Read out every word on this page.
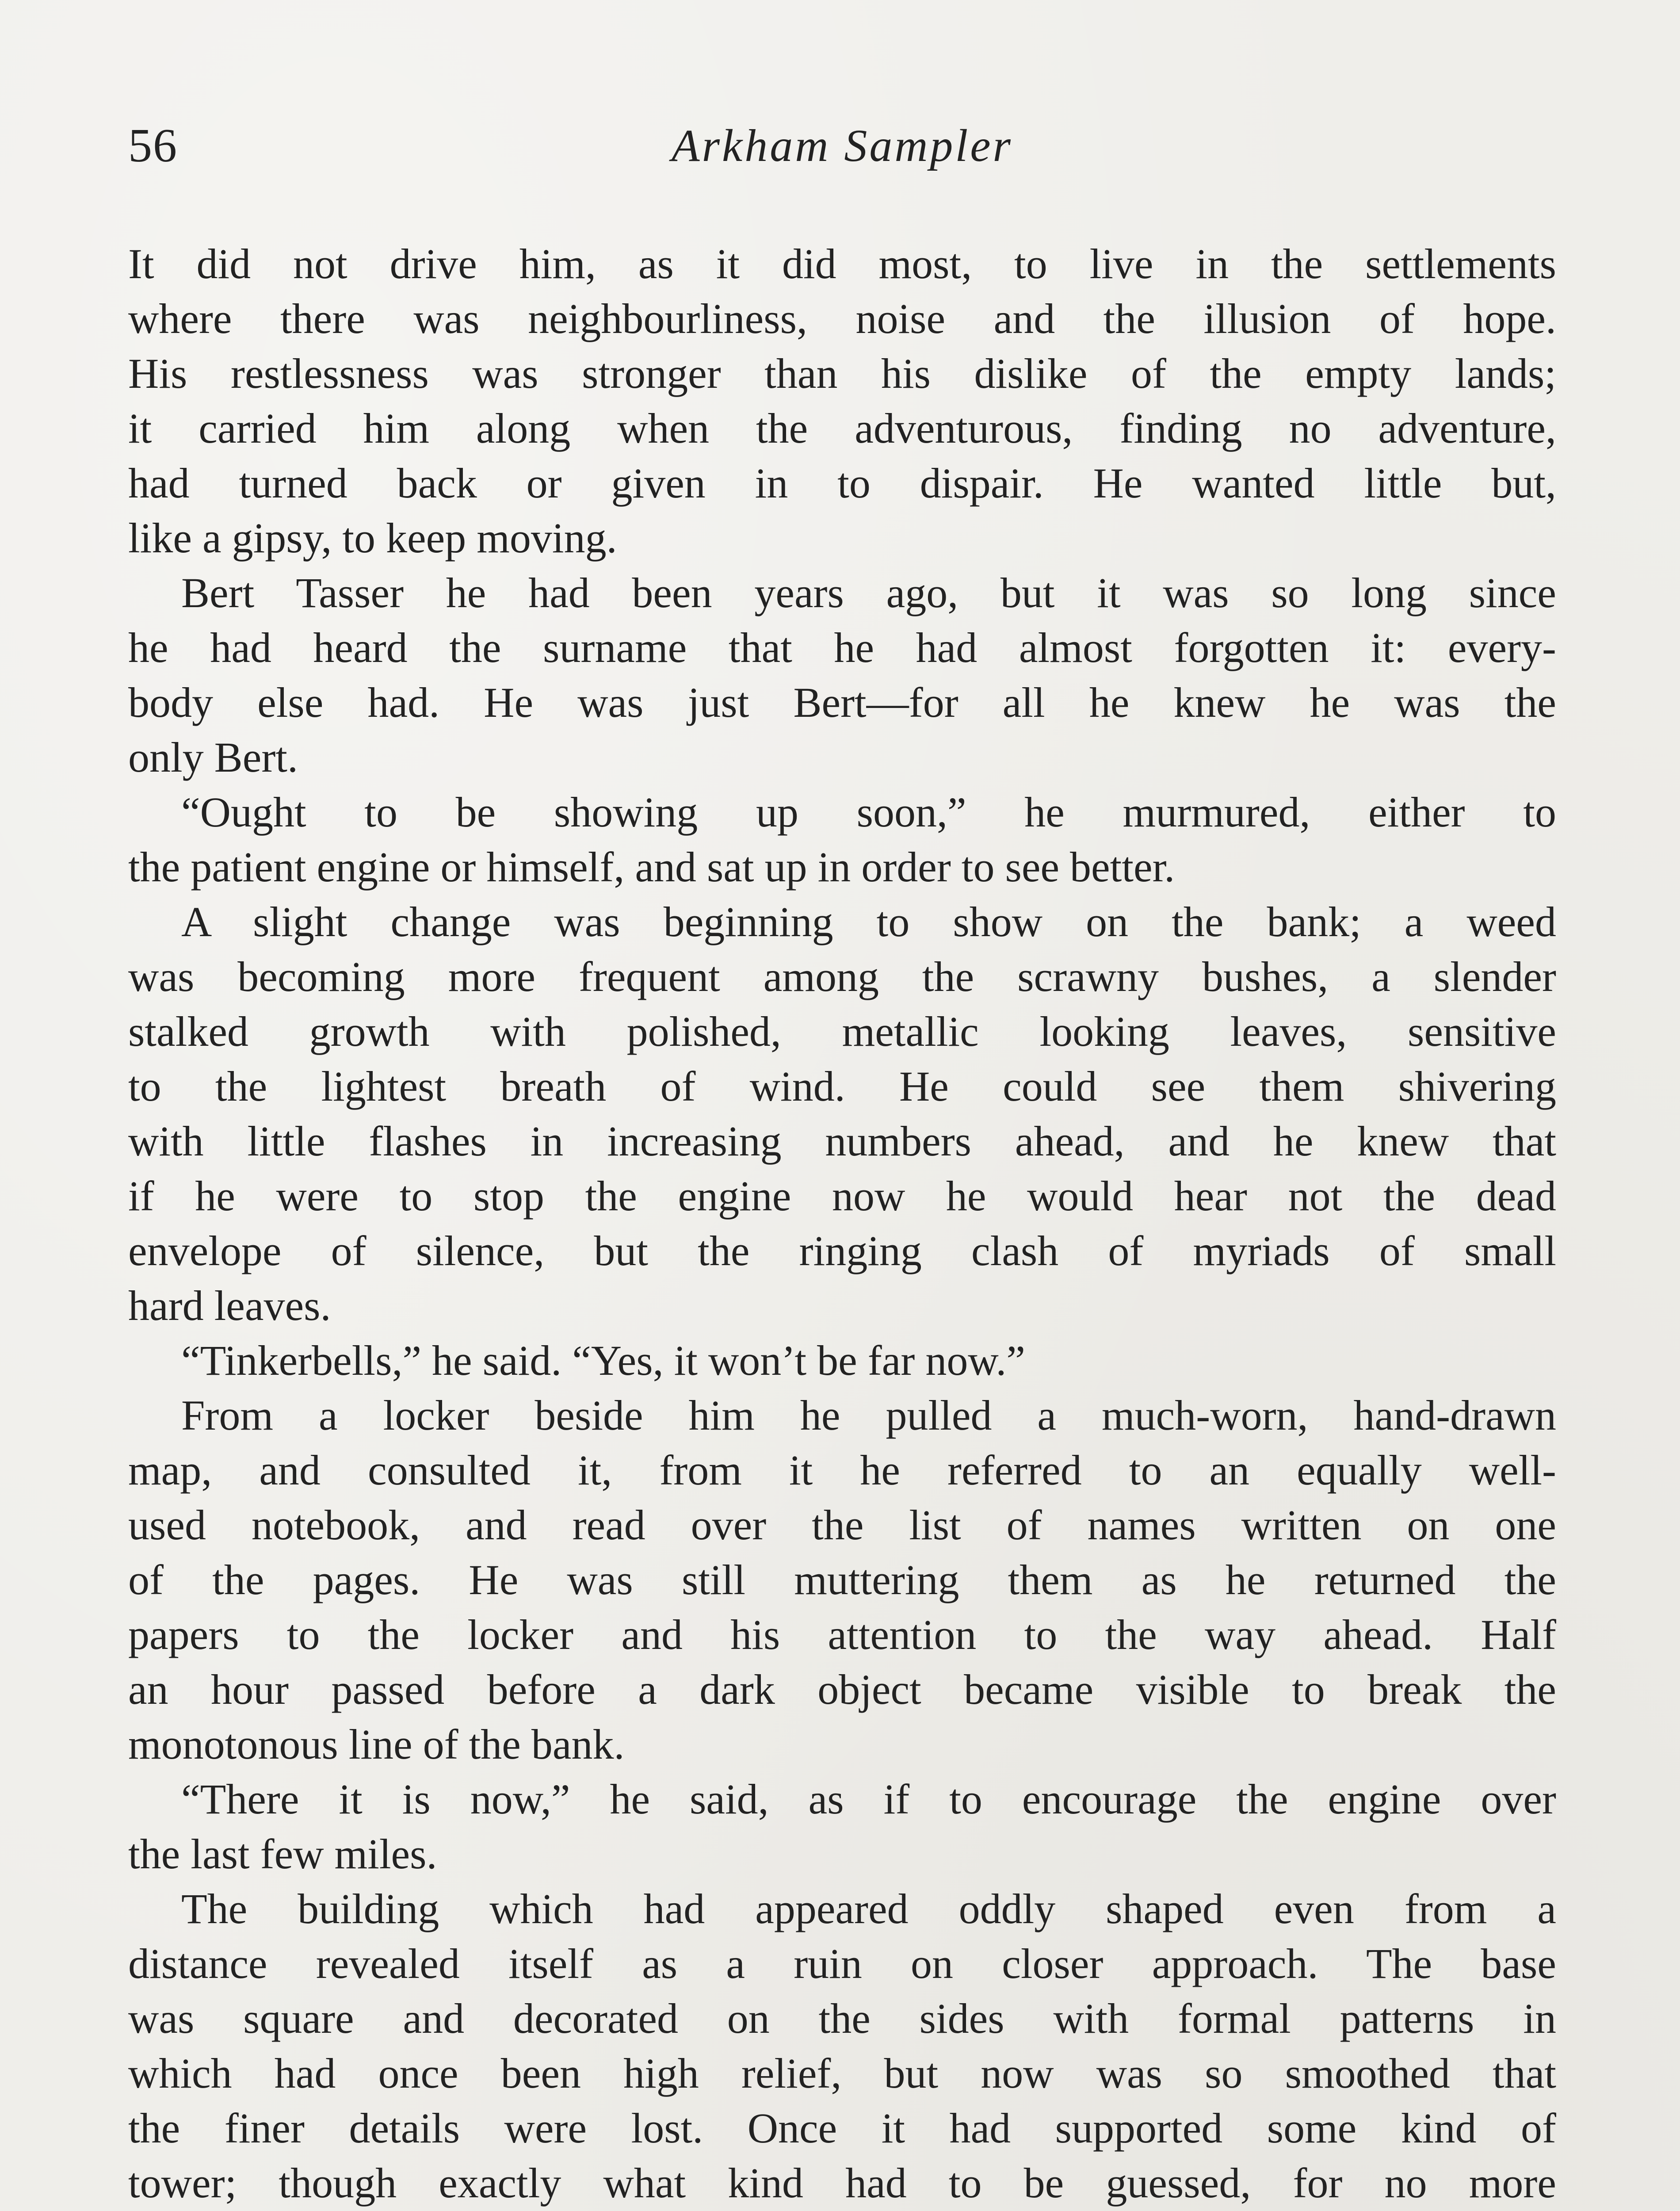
56	Arkham Sampler
It did not drive him, as it did most, to live in the settlements
where there was neighbourliness, noise and the illusion of hope.
His restlessness was stronger than his dislike of the empty lands;
it carried him along when the adventurous, finding no adventure,
had turned back or given in to dispair. He wanted little but,
like a gipsy, to keep moving.
Bert Tasser he had been years ago, but it was so long since
he had heard the surname that he had almost forgotten it: every-
body else had. He was just Bert—for all he knew he was the
only Bert.
“Ought to be showing up soon,” he murmured, either to
the patient engine or himself, and sat up in order to see better.
A slight change was beginning to show on the bank; a weed
was becoming more frequent among the scrawny bushes, a slender
stalked growth with polished, metallic looking leaves, sensitive
to the lightest breath of wind. He could see them shivering
with little flashes in increasing numbers ahead, and he knew that
if he were to stop the engine now he would hear not the dead
envelope of silence, but the ringing clash of myriads of small
hard leaves.
“Tinkerbells,” he said. “Yes, it won’t be far now.”
From a locker beside him he pulled a much-worn, hand-drawn
map, and consulted it, from it he referred to an equally well-
used notebook, and read over the list of names written on one
of the pages. He was still muttering them as he returned the
papers to the locker and his attention to the way ahead. Half
an hour passed before a dark object became visible to break the
monotonous line of the bank.
“There it is now,” he said, as if to encourage the engine over
the last few miles.
The building which had appeared oddly shaped even from a
distance revealed itself as a ruin on closer approach. The base
was square and decorated on the sides with formal patterns in
which had once been high relief, but now was so smoothed that
the finer details were lost. Once it had supported some kind of
tower; though exactly what kind had to be guessed, for no more
